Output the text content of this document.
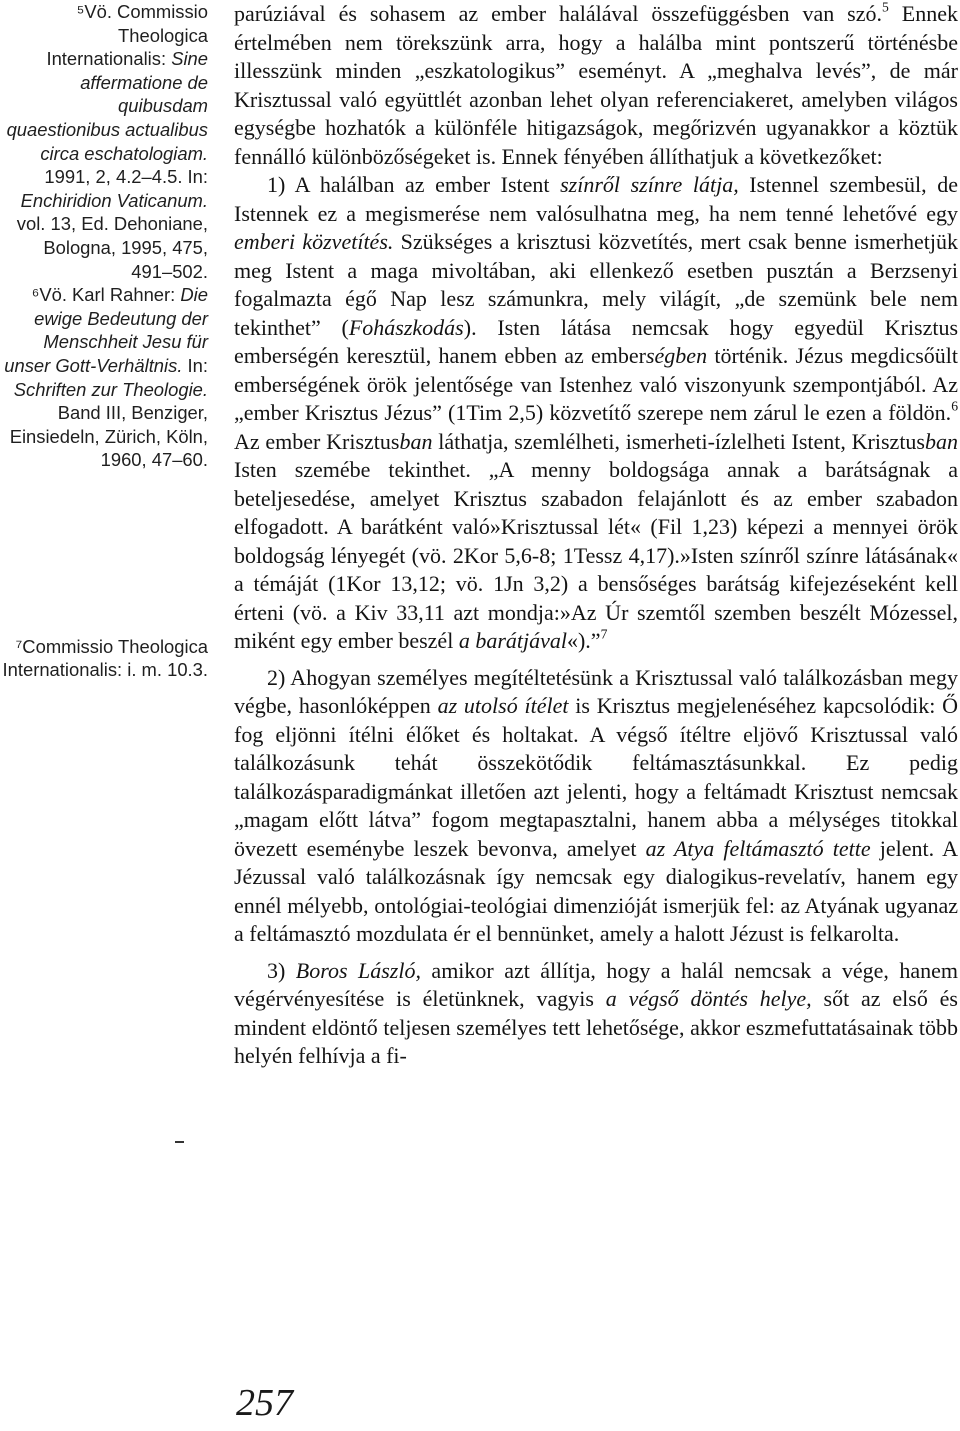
⁵Vö. Commissio Theologica Internationalis: Sine affermatione de quibusdam quaestionibus actualibus circa eschatologiam. 1991, 2, 4.2–4.5. In: Enchiridion Vaticanum. vol. 13, Ed. Dehoniane, Bologna, 1995, 475, 491–502.

⁶Vö. Karl Rahner: Die ewige Bedeutung der Menschheit Jesu für unser Gott-Verhältnis. In: Schriften zur Theologie. Band III, Benziger, Einsiedeln, Zürich, Köln, 1960, 47–60.

⁷Commissio Theologica Internationalis: i. m. 10.3.

parúziával és sohasem az ember halálával összefüggésben van szó.$^5$ Ennek értelmében nem törekszünk arra, hogy a halálba mint pontszerű történésbe illesszünk minden „eszkatologikus” eseményt. A „meghalva levés”, de már Krisztussal való együttlét azonban lehet olyan referenciakeret, amelyben világos egységbe hozhatók a különféle hitigazságok, megőrizvén ugyanakkor a köztük fennálló különbözőségeket is. Ennek fényében állíthatjuk a következőket:

1) A halálban az ember Istent színről színre látja, Istennel szembesül, de Istennek ez a megismerése nem valósulhatna meg, ha nem tenné lehetővé egy emberi közvetítés. Szükséges a krisztusi közvetítés, mert csak benne ismerhetjük meg Istent a maga mivoltában, aki ellenkező esetben pusztán a Berzsenyi fogalmazta égő Nap lesz számunkra, mely világít, „de szemünk bele nem tekinthet” (Fohászkodás). Isten látása nemcsak hogy egyedül Krisztus emberségén keresztül, hanem ebben az emberségben történik. Jézus megdicsőült emberségének örök jelentősége van Istenhez való viszonyunk szempontjából. Az „ember Krisztus Jézus” (1Tim 2,5) közvetítő szerepe nem zárul le ezen a földön.$^6$ Az ember Krisztusban láthatja, szemlélheti, ismerheti-ízlelheti Istent, Krisztusban Isten szemébe tekinthet. „A menny boldogsága annak a barátságnak a beteljesedése, amelyet Krisztus szabadon felajánlott és az ember szabadon elfogadott. A barátként való»Krisztussal lét« (Fil 1,23) képezi a mennyei örök boldogság lényegét (vö. 2Kor 5,6-8; 1Tessz 4,17).»Isten színről színre látásának« a témáját (1Kor 13,12; vö. 1Jn 3,2) a bensőséges barátság kifejezéseként kell érteni (vö. a Kiv 33,11 azt mondja:»Az Úr szemtől szemben beszélt Mózessel, miként egy ember beszél a barátjával«).”$^7$

2) Ahogyan személyes megítéltetésünk a Krisztussal való találkozásban megy végbe, hasonlóképpen az utolsó ítélet is Krisztus megjelenéséhez kapcsolódik: Ő fog eljönni ítélni élőket és holtakat. A végső ítéltre eljövő Krisztussal való találkozásunk tehát összekötődik feltámasztásunkkal. Ez pedig találkozásparadigmánkat illetően azt jelenti, hogy a feltámadt Krisztust nemcsak „magam előtt látva” fogom megtapasztalni, hanem abba a mélységes titokkal övezett eseménybe leszek bevonva, amelyet az Atya feltámasztó tette jelent. A Jézussal való találkozásnak így nemcsak egy dialogikus-revelatív, hanem egy ennél mélyebb, ontológiai-teológiai dimenzióját ismerjük fel: az Atyának ugyanaz a feltámasztó mozdulata ér el bennünket, amely a halott Jézust is felkarolta.

3) Boros László, amikor azt állítja, hogy a halál nemcsak a vége, hanem végérvényesítése is életünknek, vagyis a végső döntés helye, sőt az első és mindent eldöntő teljesen személyes tett lehetősége, akkor eszmefuttatásainak több helyén felhívja a fi-

257
